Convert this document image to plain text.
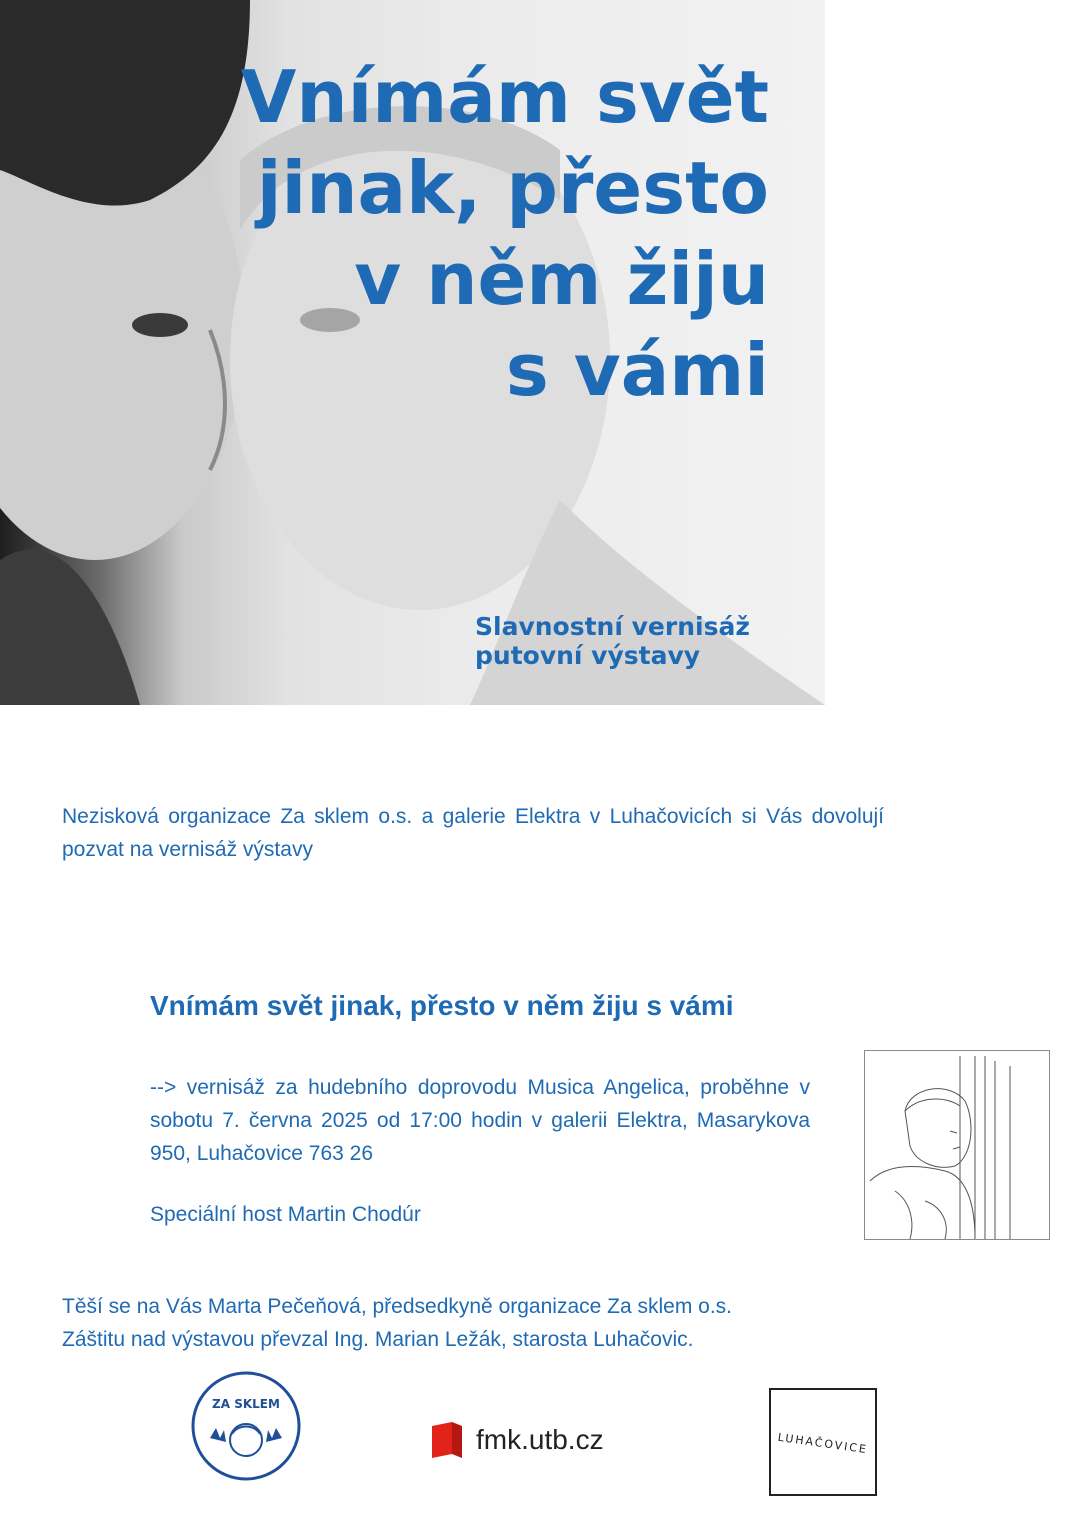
Vnímám svět
jinak, přesto
v něm žiju
s vámi

Slavnostní vernisáž putovní výstavy

Nezisková organizace Za sklem o.s. a galerie Elektra v Luhačovicích si Vás dovolují pozvat na vernisáž výstavy

Vnímám svět jinak, přesto v něm žiju s vámi

--> vernisáž za hudebního doprovodu Musica Angelica, proběhne v sobotu 7. června 2025 od 17:00 hodin v galerii Elektra, Masarykova 950, Luhačovice 763 26

Speciální host Martin Chodúr

Těší se na Vás Marta Pečeňová, předsedkyně organizace Za sklem o.s.
Záštitu nad výstavou převzal Ing. Marian Ležák, starosta Luhačovic.

ZA SKLEM
fmk.utb.cz	LUHAČOVICE
